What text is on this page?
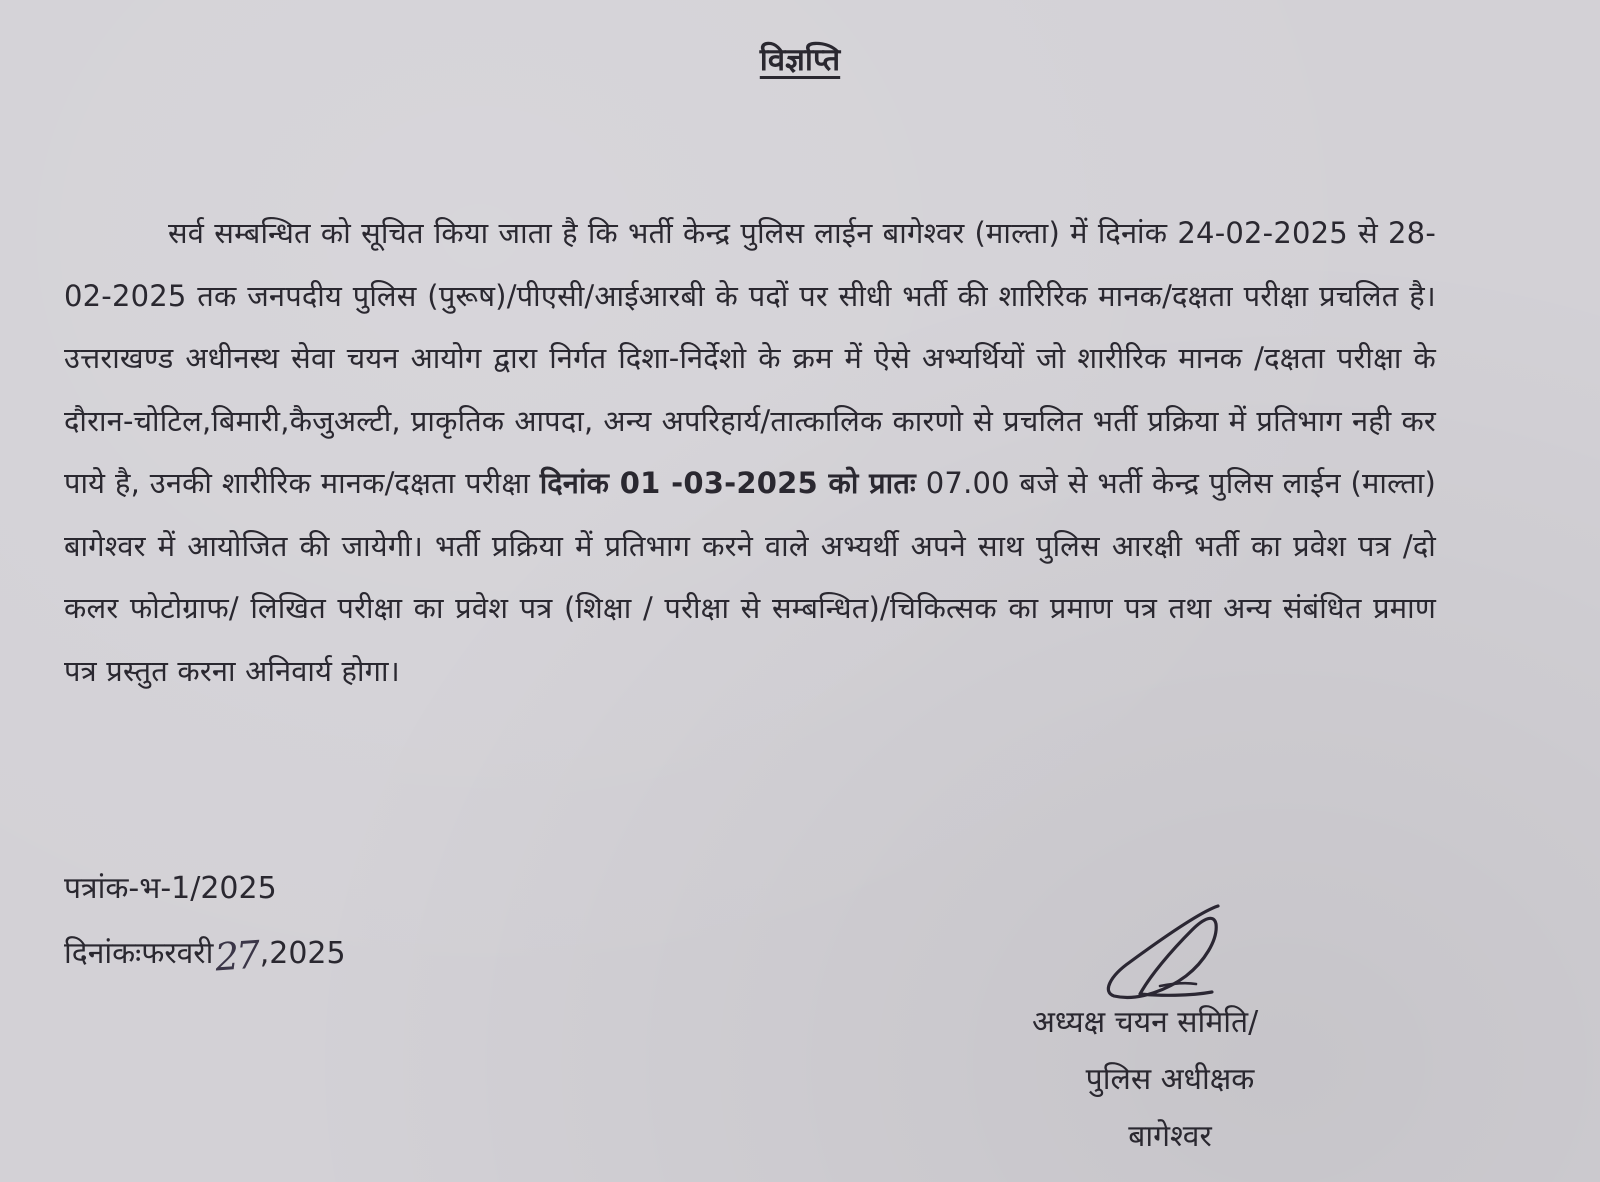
विज्ञप्ति

सर्व सम्बन्धित को सूचित किया जाता है कि भर्ती केन्द्र पुलिस लाईन बागेश्वर (माल्ता) में दिनांक 24-02-2025 से 28-02-2025 तक जनपदीय पुलिस (पुरूष)/पीएसी/आईआरबी के पदों पर सीधी भर्ती की शारिरिक मानक/दक्षता परीक्षा प्रचलित है। उत्तराखण्ड अधीनस्थ सेवा चयन आयोग द्वारा निर्गत दिशा-निर्देशो के क्रम में ऐसे अभ्यर्थियों जो शारीरिक मानक /दक्षता परीक्षा के दौरान-चोटिल,बिमारी,कैजुअल्टी, प्राकृतिक आपदा, अन्य अपरिहार्य/तात्कालिक कारणो से प्रचलित भर्ती प्रक्रिया में प्रतिभाग नही कर पाये है, उनकी शारीरिक मानक/दक्षता परीक्षा दिनांक 01 -03-2025 को प्रातः 07.00 बजे से भर्ती केन्द्र पुलिस लाईन (माल्ता) बागेश्वर में आयोजित की जायेगी। भर्ती प्रक्रिया में प्रतिभाग करने वाले अभ्यर्थी अपने साथ पुलिस आरक्षी भर्ती का प्रवेश पत्र /दो कलर फोटोग्राफ/ लिखित परीक्षा का प्रवेश पत्र (शिक्षा / परीक्षा से सम्बन्धित)/चिकित्सक का प्रमाण पत्र तथा अन्य संबंधित प्रमाण पत्र प्रस्तुत करना अनिवार्य होगा।

पत्रांक-भ-1/2025
दिनांकःफरवरी27,2025
अध्यक्ष चयन समिति/
पुलिस अधीक्षक
बागेश्वर
